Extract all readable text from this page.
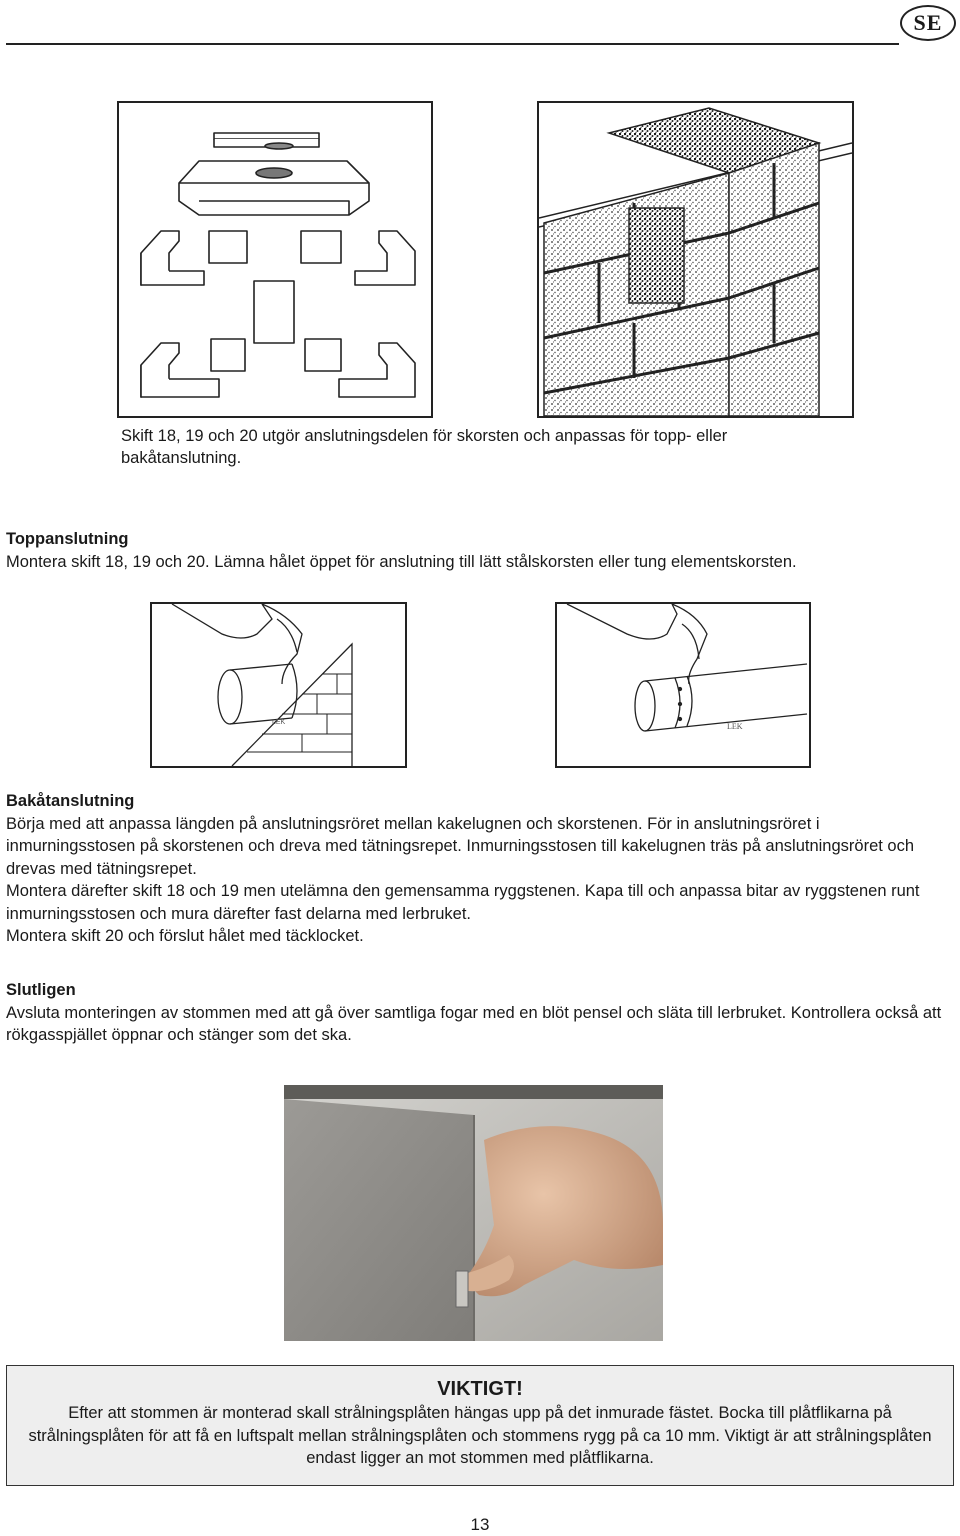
SE
Skift 18, 19 och 20 utgör anslutningsdelen för skorsten och anpassas för topp- eller bakåtanslutning.
Toppanslutning

Montera skift 18, 19 och 20. Lämna hålet öppet för anslutning till lätt stålskorsten eller tung elementskorsten.

LEK	LEK
Bakåtanslutning

Börja med att anpassa längden på anslutningsröret mellan kakelugnen och skorstenen. För in anslutningsröret i inmurningsstosen på skorstenen och dreva med tätningsrepet. Inmurningsstosen till kakelugnen träs på anslutningsröret och drevas med tätningsrepet.

Montera därefter skift 18 och 19 men utelämna den gemensamma ryggstenen. Kapa till och anpassa bitar av ryggstenen runt inmurningsstosen och mura därefter fast delarna med lerbruket.

Montera skift 20 och förslut hålet med täcklocket.

Slutligen

Avsluta monteringen av stommen med att gå över samtliga fogar med en blöt pensel och släta till lerbruket. Kontrollera också att rökgasspjället öppnar och stänger som det ska.

VIKTIGT!
Efter att stommen är monterad skall strålningsplåten hängas upp på det inmurade fästet. Bocka till plåtflikarna på strålningsplåten för att få en luftspalt mellan strålningsplåten och stommens rygg på ca 10 mm. Viktigt är att strålningsplåten endast ligger an mot stommen med plåtflikarna.
13
